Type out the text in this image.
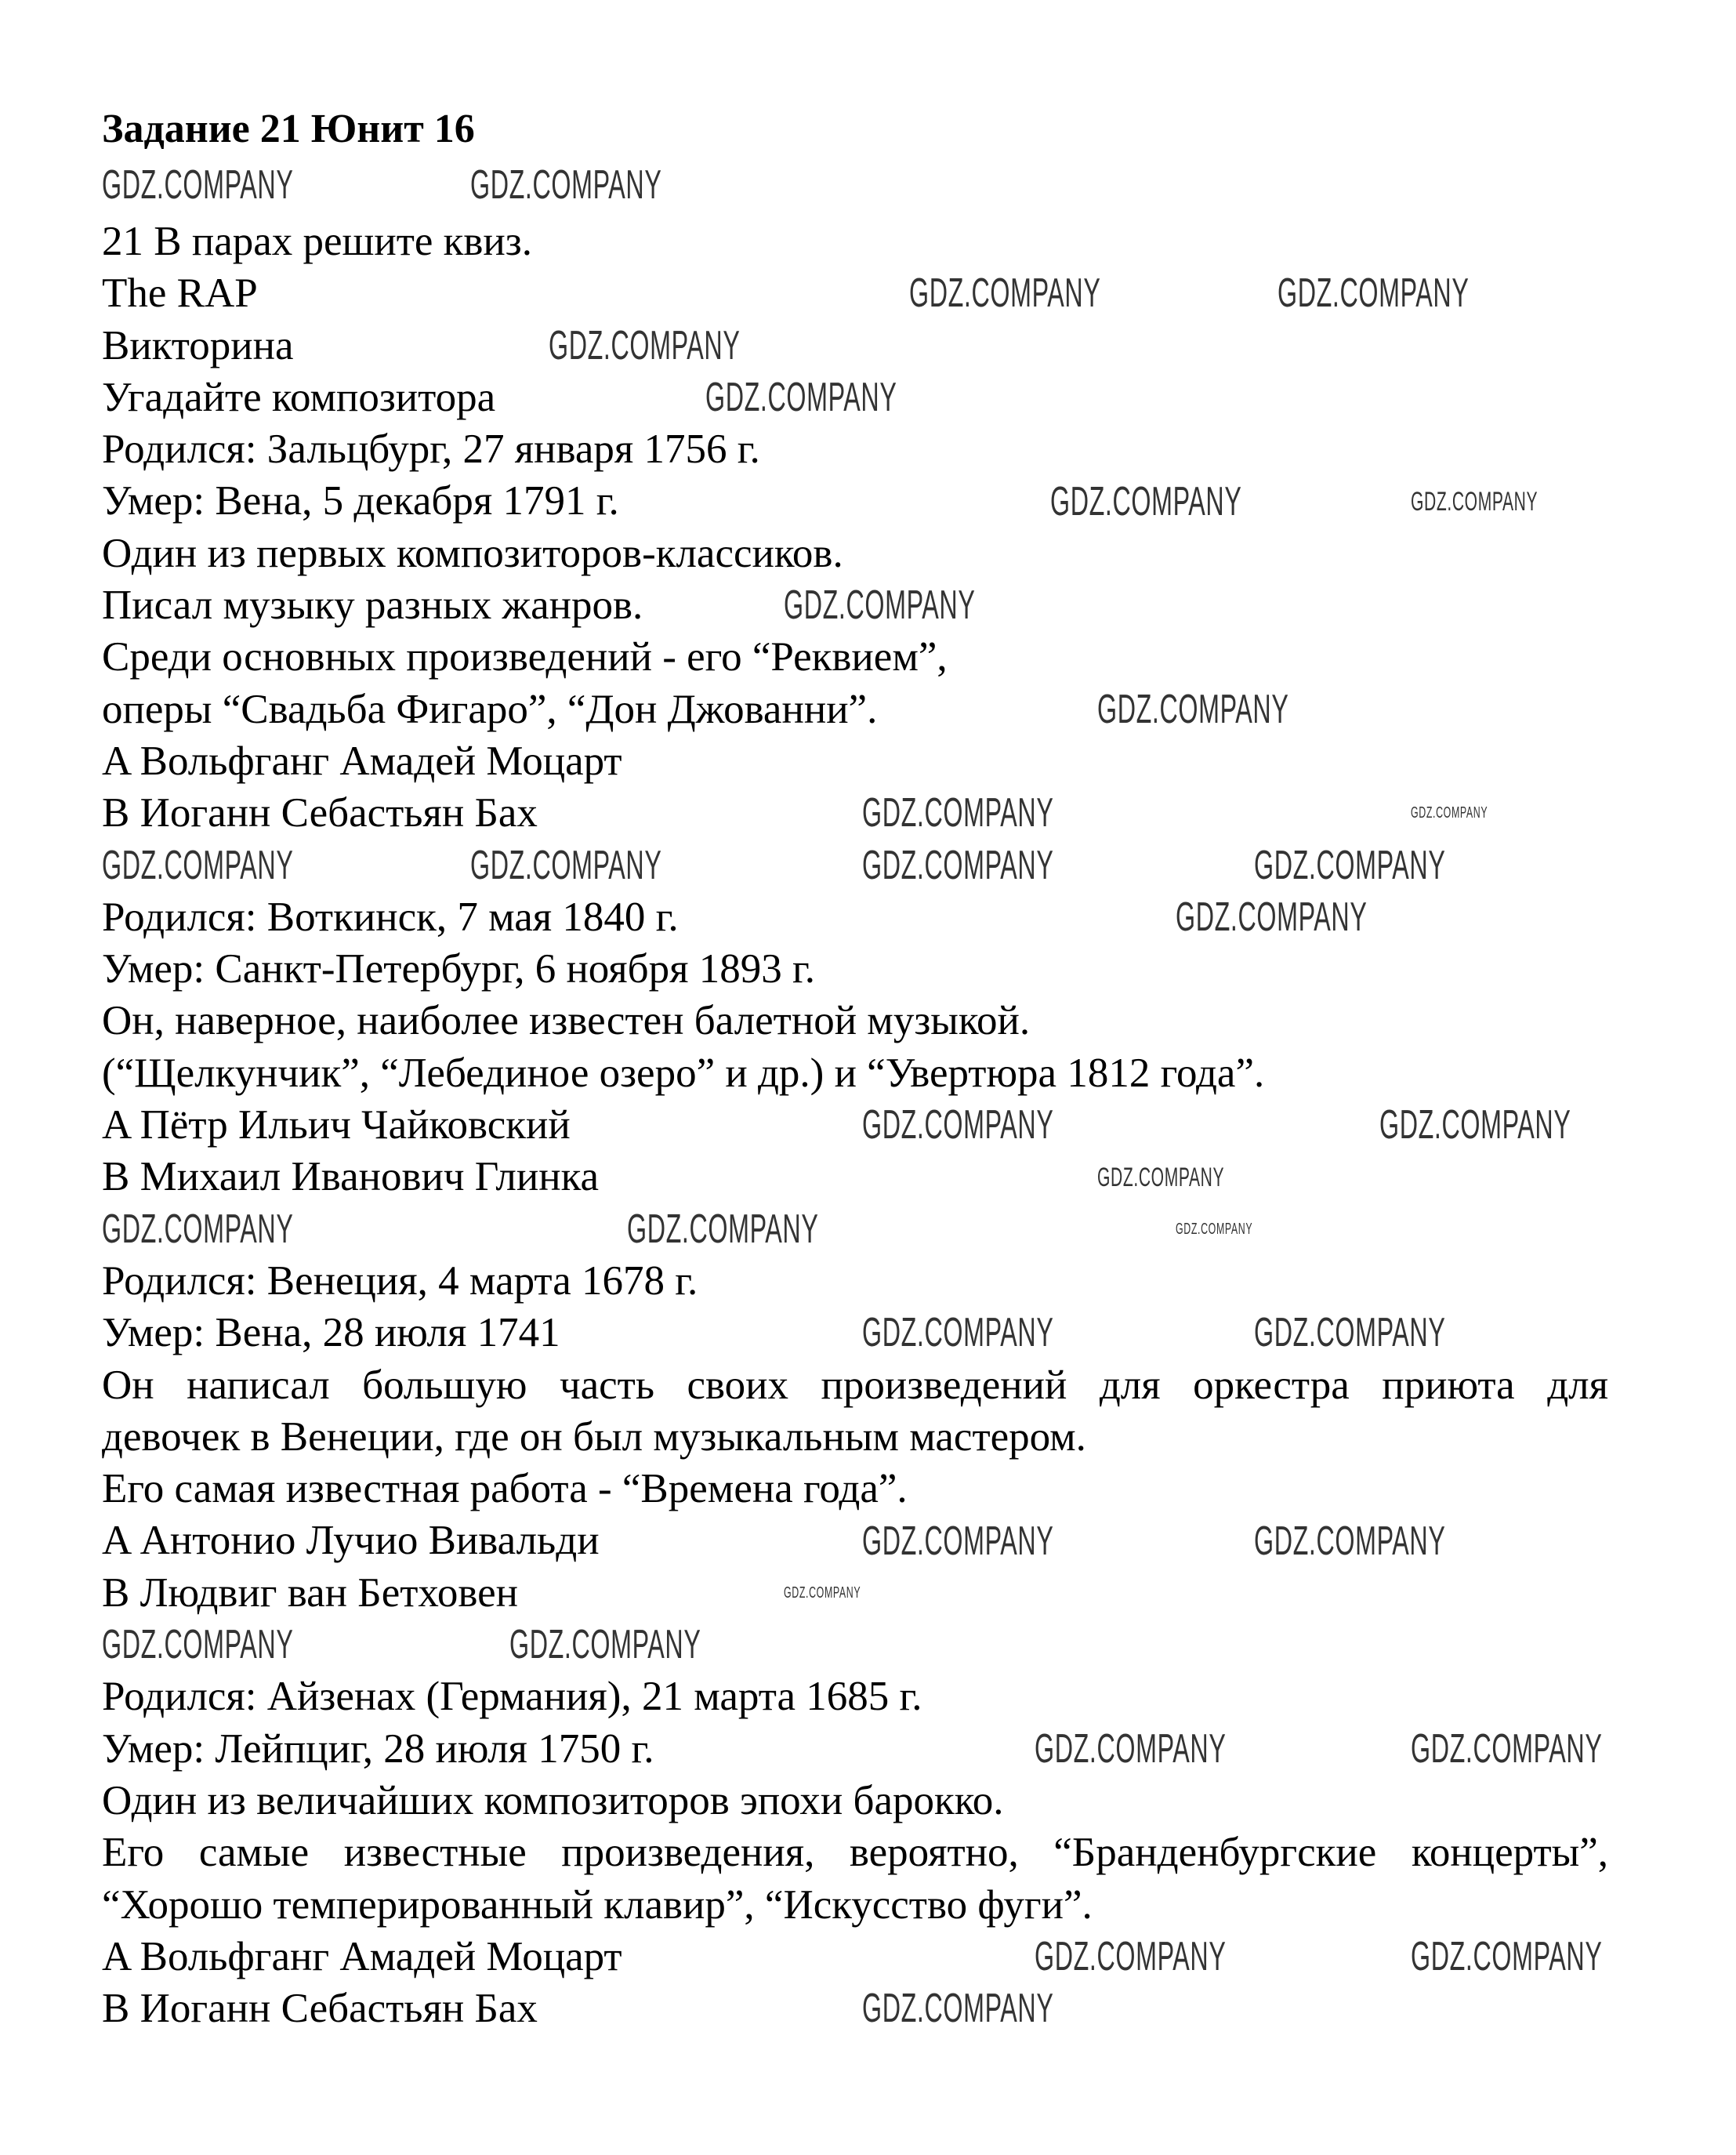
Задание 21 Юнит 16
21 В парах решите квиз.
The RAP
Викторина
Угадайте композитора
Родился: Зальцбург, 27 января 1756 г.
Умер: Вена, 5 декабря 1791 г.
Один из первых композиторов-классиков.
Писал музыку разных жанров.
Среди основных произведений - его “Реквием”,
оперы “Свадьба Фигаро”, “Дон Джованни”.
A Вольфганг Амадей Моцарт
B Иоганн Себастьян Бах
Родился: Воткинск, 7 мая 1840 г.
Умер: Санкт-Петербург, 6 ноября 1893 г.
Он, наверное, наиболее известен балетной музыкой.
(“Щелкунчик”, “Лебединое озеро” и др.) и “Увертюра 1812 года”.
A Пётр Ильич Чайковский
B Михаил Иванович Глинка
Родился: Венеция, 4 марта 1678 г.
Умер: Вена, 28 июля 1741
Он написал большую часть своих произведений для оркестра приюта для
девочек в Венеции, где он был музыкальным мастером.
Его самая известная работа - “Времена года”.
A Антонио Лучио Вивальди
B Людвиг ван Бетховен
Родился: Айзенах (Германия), 21 марта 1685 г.
Умер: Лейпциг, 28 июля 1750 г.
Один из величайших композиторов эпохи барокко.
Его самые известные произведения, вероятно, “Бранденбургские концерты”,
“Хорошо темперированный клавир”, “Искусство фуги”.
A Вольфганг Амадей Моцарт
B Иоганн Себастьян Бах
GDZ.COMPANY	GDZ.COMPANY
GDZ.COMPANY	GDZ.COMPANY
GDZ.COMPANY
GDZ.COMPANY
GDZ.COMPANY	GDZ.COMPANY
GDZ.COMPANY
GDZ.COMPANY
GDZ.COMPANY	GDZ.COMPANY
GDZ.COMPANY	GDZ.COMPANY	GDZ.COMPANY	GDZ.COMPANY
GDZ.COMPANY
GDZ.COMPANY	GDZ.COMPANY
GDZ.COMPANY
GDZ.COMPANY	GDZ.COMPANY	GDZ.COMPANY
GDZ.COMPANY	GDZ.COMPANY
GDZ.COMPANY	GDZ.COMPANY
GDZ.COMPANY
GDZ.COMPANY	GDZ.COMPANY
GDZ.COMPANY	GDZ.COMPANY
GDZ.COMPANY	GDZ.COMPANY
GDZ.COMPANY
